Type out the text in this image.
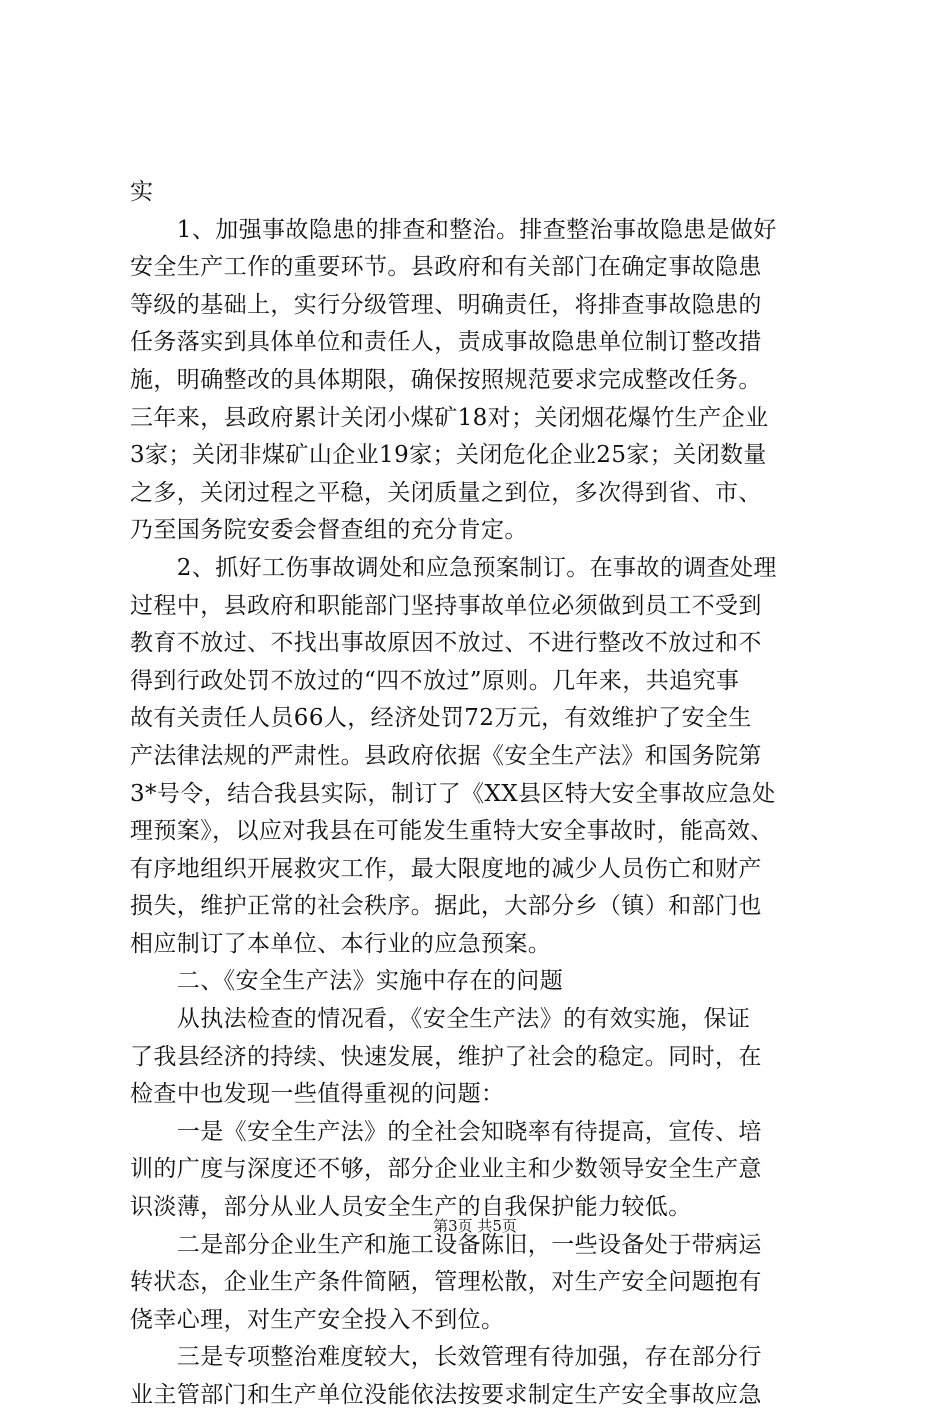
实
　　1、加强事故隐患的排查和整治。排查整治事故隐患是做好
安全生产工作的重要环节。县政府和有关部门在确定事故隐患
等级的基础上，实行分级管理、明确责任，将排查事故隐患的
任务落实到具体单位和责任人，责成事故隐患单位制订整改措
施，明确整改的具体期限，确保按照规范要求完成整改任务。
三年来，县政府累计关闭小煤矿18对；关闭烟花爆竹生产企业
3家；关闭非煤矿山企业19家；关闭危化企业25家；关闭数量
之多，关闭过程之平稳，关闭质量之到位，多次得到省、市、
乃至国务院安委会督查组的充分肯定。
　　2、抓好工伤事故调处和应急预案制订。在事故的调查处理
过程中，县政府和职能部门坚持事故单位必须做到员工不受到
教育不放过、不找出事故原因不放过、不进行整改不放过和不
得到行政处罚不放过的“四不放过”原则。几年来，共追究事
故有关责任人员66人，经济处罚72万元，有效维护了安全生
产法律法规的严肃性。县政府依据《安全生产法》和国务院第
3*号令，结合我县实际，制订了《XX县区特大安全事故应急处
理预案》，以应对我县在可能发生重特大安全事故时，能高效、
有序地组织开展救灾工作，最大限度地的减少人员伤亡和财产
损失，维护正常的社会秩序。据此，大部分乡（镇）和部门也
相应制订了本单位、本行业的应急预案。
　　二、《安全生产法》实施中存在的问题
　　从执法检查的情况看，《安全生产法》的有效实施，保证
了我县经济的持续、快速发展，维护了社会的稳定。同时，在
检查中也发现一些值得重视的问题：
　　一是《安全生产法》的全社会知晓率有待提高，宣传、培
训的广度与深度还不够，部分企业业主和少数领导安全生产意
识淡薄，部分从业人员安全生产的自我保护能力较低。
　　二是部分企业生产和施工设备陈旧，一些设备处于带病运
转状态，企业生产条件简陋，管理松散，对生产安全问题抱有
侥幸心理，对生产安全投入不到位。
　　三是专项整治难度较大，长效管理有待加强，存在部分行
业主管部门和生产单位没能依法按要求制定生产安全事故应急
第3页 共5页
